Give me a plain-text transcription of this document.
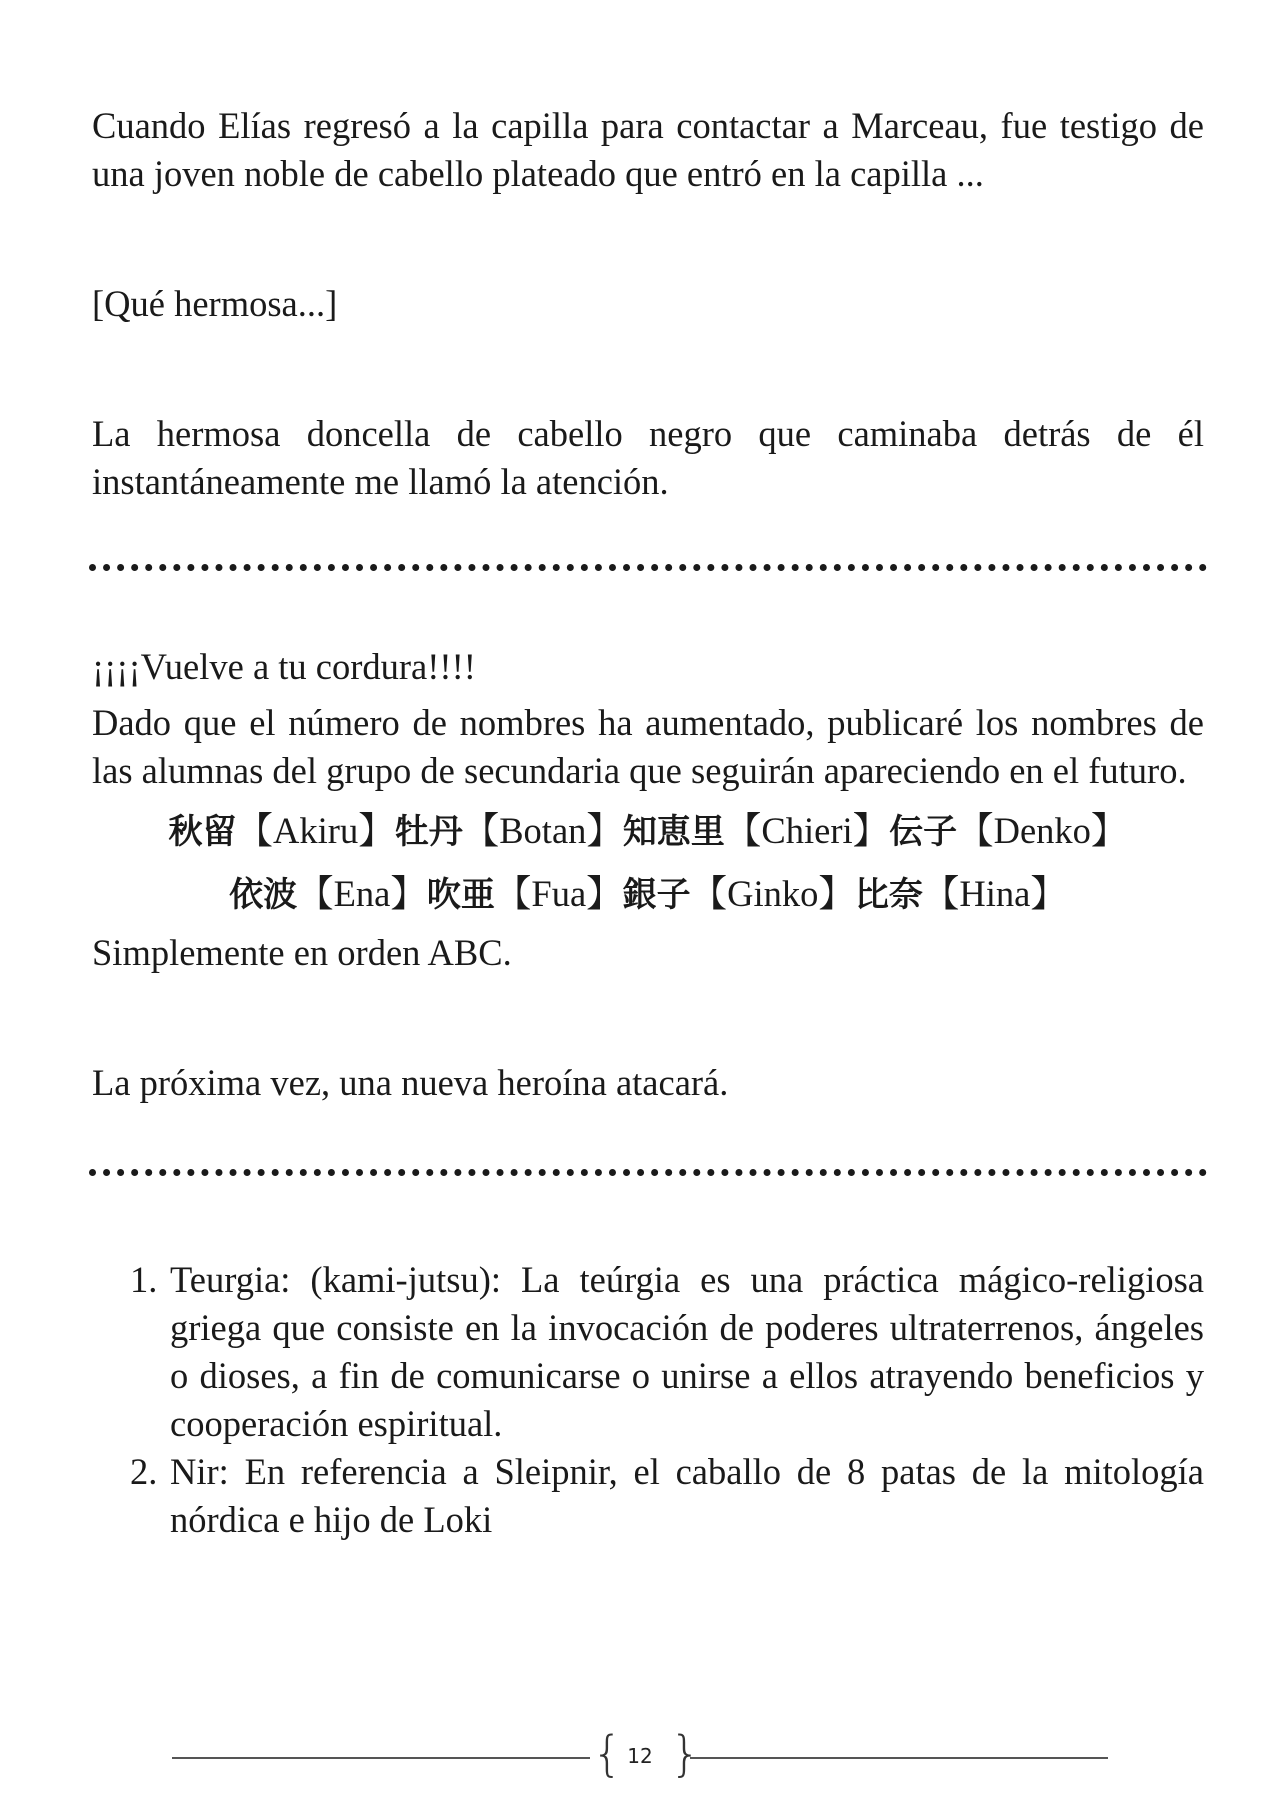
Cuando Elías regresó a la capilla para contactar a Marceau, fue testigo de una joven noble de cabello plateado que entró en la capilla ...

[Qué hermosa...]

La hermosa doncella de cabello negro que caminaba detrás de él instantáneamente me llamó la atención.

¡¡¡¡Vuelve a tu cordura!!!!

Dado que el número de nombres ha aumentado, publicaré los nombres de las alumnas del grupo de secundaria que seguirán apareciendo en el futuro.

秋留【Akiru】牡丹【Botan】知恵里【Chieri】伝子【Denko】

依波【Ena】吹亜【Fua】銀子【Ginko】比奈【Hina】

Simplemente en orden ABC.

La próxima vez, una nueva heroína atacará.

1. Teurgia: (kami-jutsu): La teúrgia es una práctica mágico-religiosa griega que consiste en la invocación de poderes ultraterrenos, ángeles o dioses, a fin de comunicarse o unirse a ellos atrayendo beneficios y cooperación espiritual.
2. Nir: En referencia a Sleipnir, el caballo de 8 patas de la mitología nórdica e hijo de Loki
{ 12 }
